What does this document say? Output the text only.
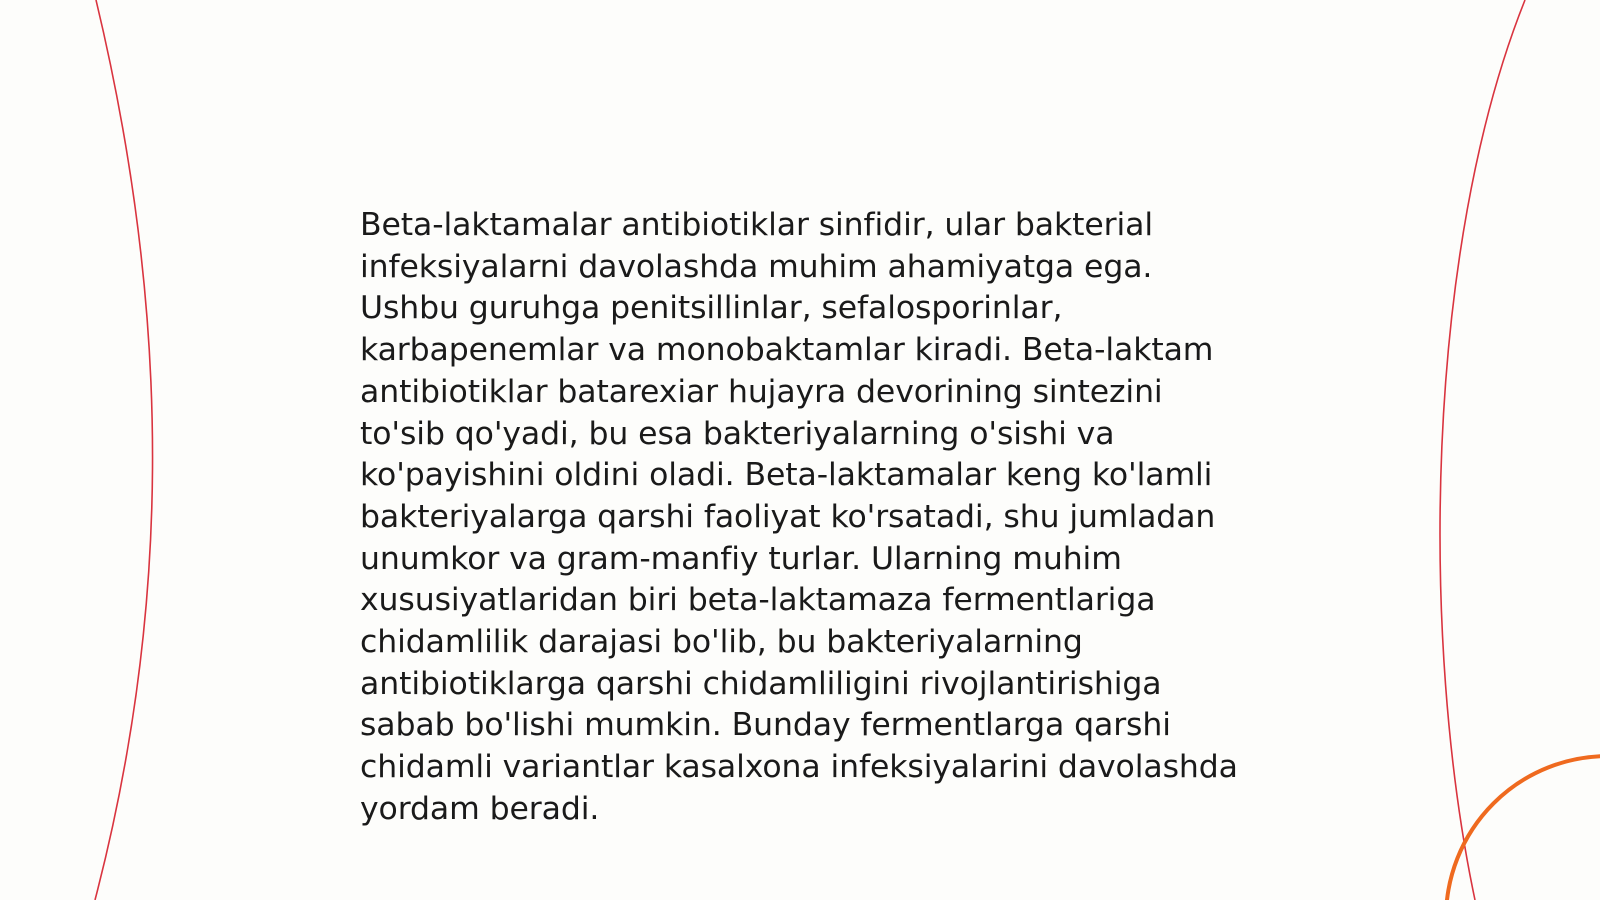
Beta-laktamalar antibiotiklar sinfidir, ular bakterial infeksiyalarni davolashda muhim ahamiyatga ega. Ushbu guruhga penitsillinlar, sefalosporinlar, karbapenemlar va monobaktamlar kiradi. Beta-laktam antibiotiklar batarexiar hujayra devorining sintezini to'sib qo'yadi, bu esa bakteriyalarning o'sishi va ko'payishini oldini oladi. Beta-laktamalar keng ko'lamli bakteriyalarga qarshi faoliyat ko'rsatadi, shu jumladan unumkor va gram-manfiy turlar. Ularning muhim xususiyatlaridan biri beta-laktamaza fermentlariga chidamlilik darajasi bo'lib, bu bakteriyalarning antibiotiklarga qarshi chidamliligini rivojlantirishiga sabab bo'lishi mumkin. Bunday fermentlarga qarshi chidamli variantlar kasalxona infeksiyalarini davolashda yordam beradi.
